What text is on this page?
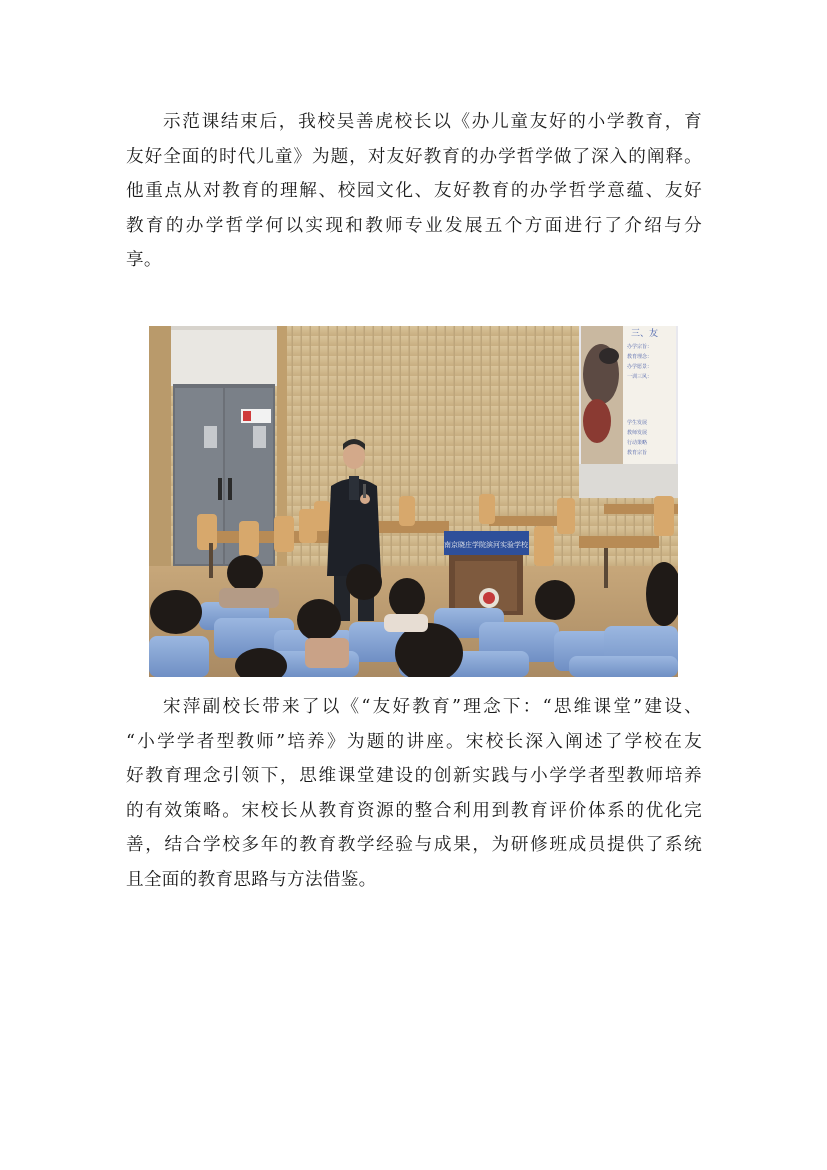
示范课结束后，我校吴善虎校长以《办儿童友好的小学教育，育
友好全面的时代儿童》为题，对友好教育的办学哲学做了深入的阐释。
他重点从对教育的理解、校园文化、友好教育的办学哲学意蕴、友好
教育的办学哲学何以实现和教师专业发展五个方面进行了介绍与分
享。
三、友
办学宗旨：
教育理念：
办学愿景：
一训三风：
学生发展
教师发展
行动策略
教育宗旨
南京晓庄学院滨河实验学校
宋萍副校长带来了以《“友好教育”理念下：“思维课堂”建设、
“小学学者型教师”培养》为题的讲座。宋校长深入阐述了学校在友
好教育理念引领下，思维课堂建设的创新实践与小学学者型教师培养
的有效策略。宋校长从教育资源的整合利用到教育评价体系的优化完
善，结合学校多年的教育教学经验与成果，为研修班成员提供了系统
且全面的教育思路与方法借鉴。
